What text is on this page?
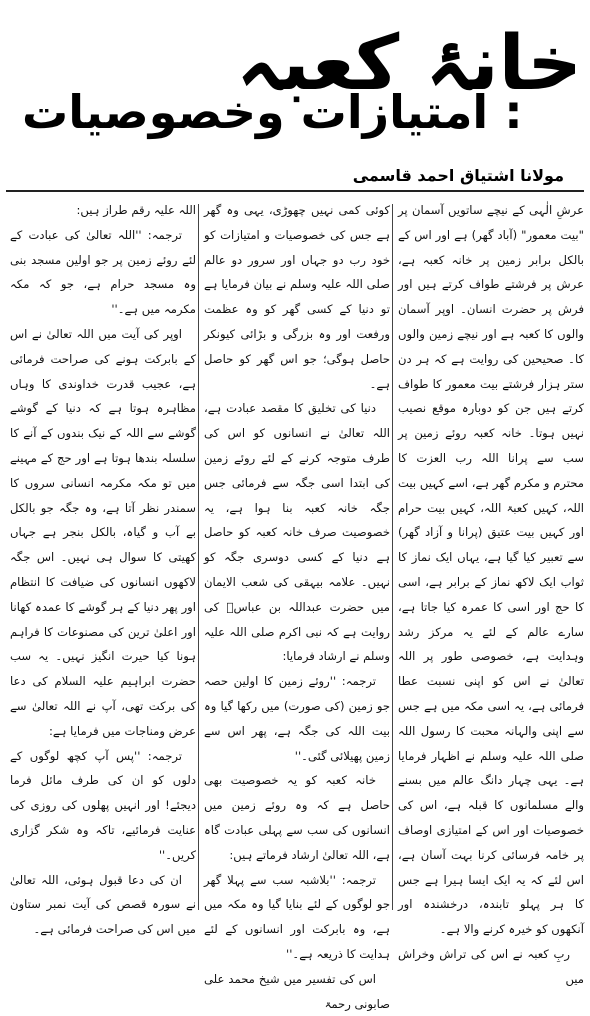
خانۂ کعبہ
: امتیازات وخصوصیات
مولانا اشتیاق احمد قاسمی

عرشِ الٰہی کے نیچے ساتویں آسمان پر "بیت معمور" (آباد گھر) ہے اور اس کے بالکل برابر زمین پر خانہ کعبہ ہے، عرش پر فرشتے طواف کرتے ہیں اور فرش پر حضرت انسان۔ اوپر آسمان والوں کا کعبہ ہے اور نیچے زمین والوں کا۔ صحیحین کی روایت ہے کہ ہر دن ستر ہزار فرشتے بیت معمور کا طواف کرتے ہیں جن کو دوبارہ موقع نصیب نہیں ہوتا۔ خانہ کعبہ روئے زمین پر سب سے پرانا اللہ رب العزت کا محترم و مکرم گھر ہے، اسے کہیں بیت اللہ، کہیں کعبۃ اللہ، کہیں بیت حرام اور کہیں بیت عتیق (پرانا و آزاد گھر) سے تعبیر کیا گیا ہے، یہاں ایک نماز کا ثواب ایک لاکھ نماز کے برابر ہے، اسی کا حج اور اسی کا عمرہ کیا جاتا ہے، سارے عالم کے لئے یہ مرکز رشد وہدایت ہے، خصوصی طور پر اللہ تعالیٰ نے اس کو اپنی نسبت عطا فرمائی ہے، یہ اسی مکہ میں ہے جس سے اپنی والہانہ محبت کا رسول اللہ صلی اللہ علیہ وسلم نے اظہار فرمایا ہے۔ یہی چہار دانگ عالم میں بسنے والے مسلمانوں کا قبلہ ہے، اس کی خصوصیات اور اس کے امتیازی اوصاف پر خامہ فرسائی کرنا بہت آسان ہے، اس لئے کہ یہ ایک ایسا ہیرا ہے جس کا ہر پہلو تابندہ، درخشندہ اور آنکھوں کو خیرہ کرنے والا ہے۔

ربِ کعبہ نے اس کی تراش وخراش میں

کوئی کمی نہیں چھوڑی، یہی وہ گھر ہے جس کی خصوصیات و امتیازات کو خود رب دو جہاں اور سرور دو عالم صلی اللہ علیہ وسلم نے بیان فرمایا ہے تو دنیا کے کسی گھر کو وہ عظمت ورفعت اور وہ بزرگی و بڑائی کیونکر حاصل ہوگی؛ جو اس گھر کو حاصل ہے۔

دنیا کی تخلیق کا مقصد عبادت ہے، اللہ تعالیٰ نے انسانوں کو اس کی طرف متوجہ کرنے کے لئے روئے زمین کی ابتدا اسی جگہ سے فرمائی جس جگہ خانہ کعبہ بنا ہوا ہے، یہ خصوصیت صرف خانہ کعبہ کو حاصل ہے دنیا کے کسی دوسری جگہ کو نہیں۔ علامہ بیہقی کی شعب الایمان میں حضرت عبداللہ بن عباسؓ کی روایت ہے کہ نبی اکرم صلی اللہ علیہ وسلم نے ارشاد فرمایا:

ترجمہ: ''روئے زمین کا اولین حصہ جو زمین (کی صورت) میں رکھا گیا وہ بیت اللہ کی جگہ ہے، پھر اس سے زمین پھیلائی گئی۔''

خانہ کعبہ کو یہ خصوصیت بھی حاصل ہے کہ وہ روئے زمین میں انسانوں کی سب سے پہلی عبادت گاہ ہے، اللہ تعالیٰ ارشاد فرماتے ہیں:

ترجمہ: ''بلاشبہ سب سے پہلا گھر جو لوگوں کے لئے بنایا گیا وہ مکہ میں ہے، وہ بابرکت اور انسانوں کے لئے ہدایت کا ذریعہ ہے۔''

اس کی تفسیر میں شیخ محمد علی صابونی رحمۃ

اللہ علیہ رقم طراز ہیں:

ترجمہ: ''اللہ تعالیٰ کی عبادت کے لئے روئے زمین پر جو اولین مسجد بنی وہ مسجد حرام ہے، جو کہ مکہ مکرمہ میں ہے۔''

اوپر کی آیت میں اللہ تعالیٰ نے اس کے بابرکت ہونے کی صراحت فرمائی ہے، عجیب قدرت خداوندی کا وہاں مظاہرہ ہوتا ہے کہ دنیا کے گوشے گوشے سے اللہ کے نیک بندوں کے آنے کا سلسلہ بندھا ہوتا ہے اور حج کے مہینے میں تو مکہ مکرمہ انسانی سروں کا سمندر نظر آتا ہے، وہ جگہ جو بالکل بے آب و گیاہ، بالکل بنجر ہے جہاں کھیتی کا سوال ہی نہیں۔ اس جگہ لاکھوں انسانوں کی ضیافت کا انتظام اور پھر دنیا کے ہر گوشے کا عمدہ کھانا اور اعلیٰ ترین کی مصنوعات کا فراہم ہونا کیا حیرت انگیز نہیں۔ یہ سب حضرت ابراہیم علیہ السلام کی دعا کی برکت تھی، آپ نے اللہ تعالیٰ سے عرض ومناجات میں فرمایا ہے:

ترجمہ: ''پس آپ کچھ لوگوں کے دلوں کو ان کی طرف مائل فرما دیجئے! اور انہیں پھلوں کی روزی کی عنایت فرمائیے، تاکہ وہ شکر گزاری کریں۔''

ان کی دعا قبول ہوئی، اللہ تعالیٰ نے سورہ قصص کی آیت نمبر ستاون میں اس کی صراحت فرمائی ہے۔
